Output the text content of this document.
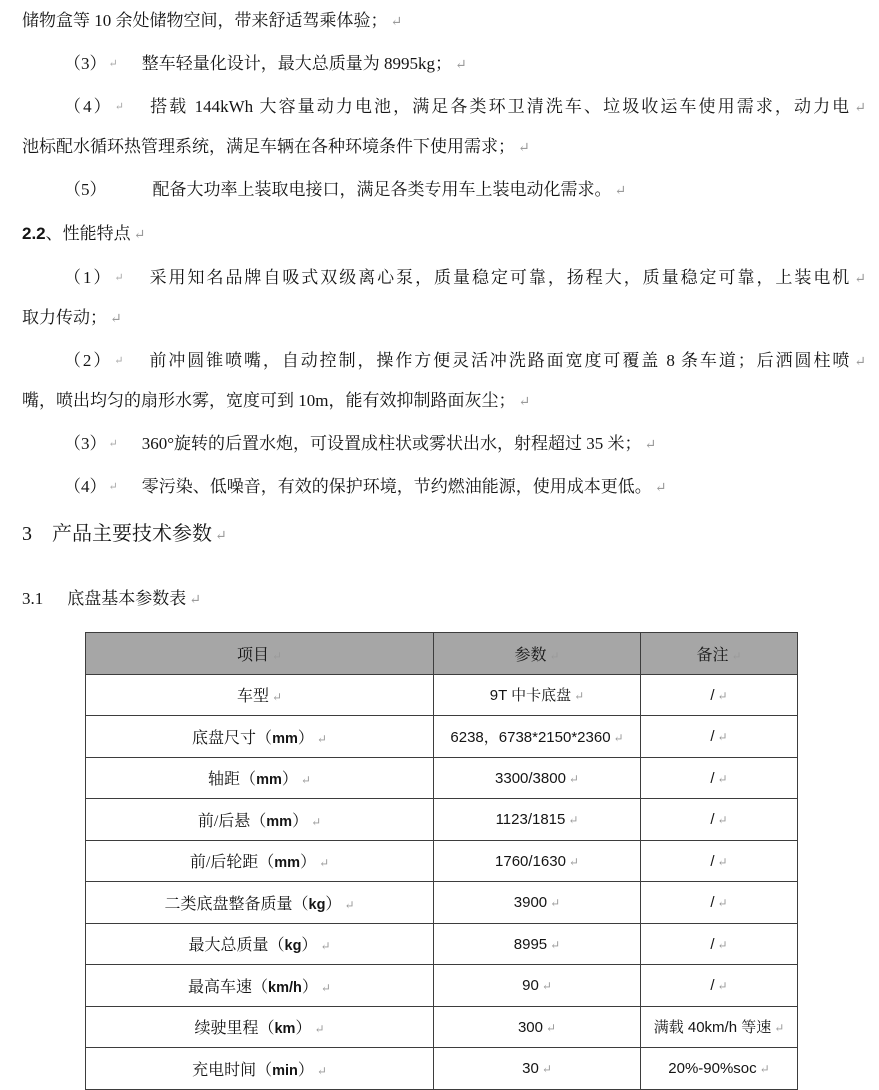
储物盒等 10 余处储物空间，带来舒适驾乘体验； ↵
（3） ↵ 整车轻量化设计，最大总质量为 8995kg； ↵
（4） ↵ 搭载 144kWh 大容量动力电池，满足各类环卫清洗车、垃圾收运车使用需求，动力电 ↵
池标配水循环热管理系统，满足车辆在各种环境条件下使用需求； ↵
（5）	配备大功率上装取电接口，满足各类专用车上装电动化需求。 ↵
2.2、性能特点 ↵
（1） ↵ 采用知名品牌自吸式双级离心泵，质量稳定可靠，扬程大，质量稳定可靠，上装电机 ↵
取力传动； ↵
（2） ↵ 前冲圆锥喷嘴，自动控制，操作方便灵活冲洗路面宽度可覆盖 8 条车道；后洒圆柱喷 ↵
嘴，喷出均匀的扇形水雾，宽度可到 10m，能有效抑制路面灰尘； ↵
（3） ↵ 360°旋转的后置水炮，可设置成柱状或雾状出水，射程超过 35 米； ↵
（4） ↵ 零污染、低噪音，有效的保护环境，节约燃油能源，使用成本更低。 ↵
3 产品主要技术参数 ↵
3.1 底盘基本参数表 ↵
项目 ↵	参数 ↵	备注 ↵
车型 ↵	9T 中卡底盘 ↵	/ ↵
底盘尺寸（mm） ↵	6238，6738*2150*2360 ↵	/ ↵
轴距（mm） ↵	3300/3800 ↵	/ ↵
前/后悬（mm） ↵	1123/1815 ↵	/ ↵
前/后轮距（mm） ↵	1760/1630 ↵	/ ↵
二类底盘整备质量（kg） ↵	3900 ↵	/ ↵
最大总质量（kg） ↵	8995 ↵	/ ↵
最高车速（km/h） ↵	90 ↵	/ ↵
续驶里程（km） ↵	300 ↵	满载 40km/h 等速 ↵
充电时间（min） ↵	30 ↵	20%-90%soc ↵
